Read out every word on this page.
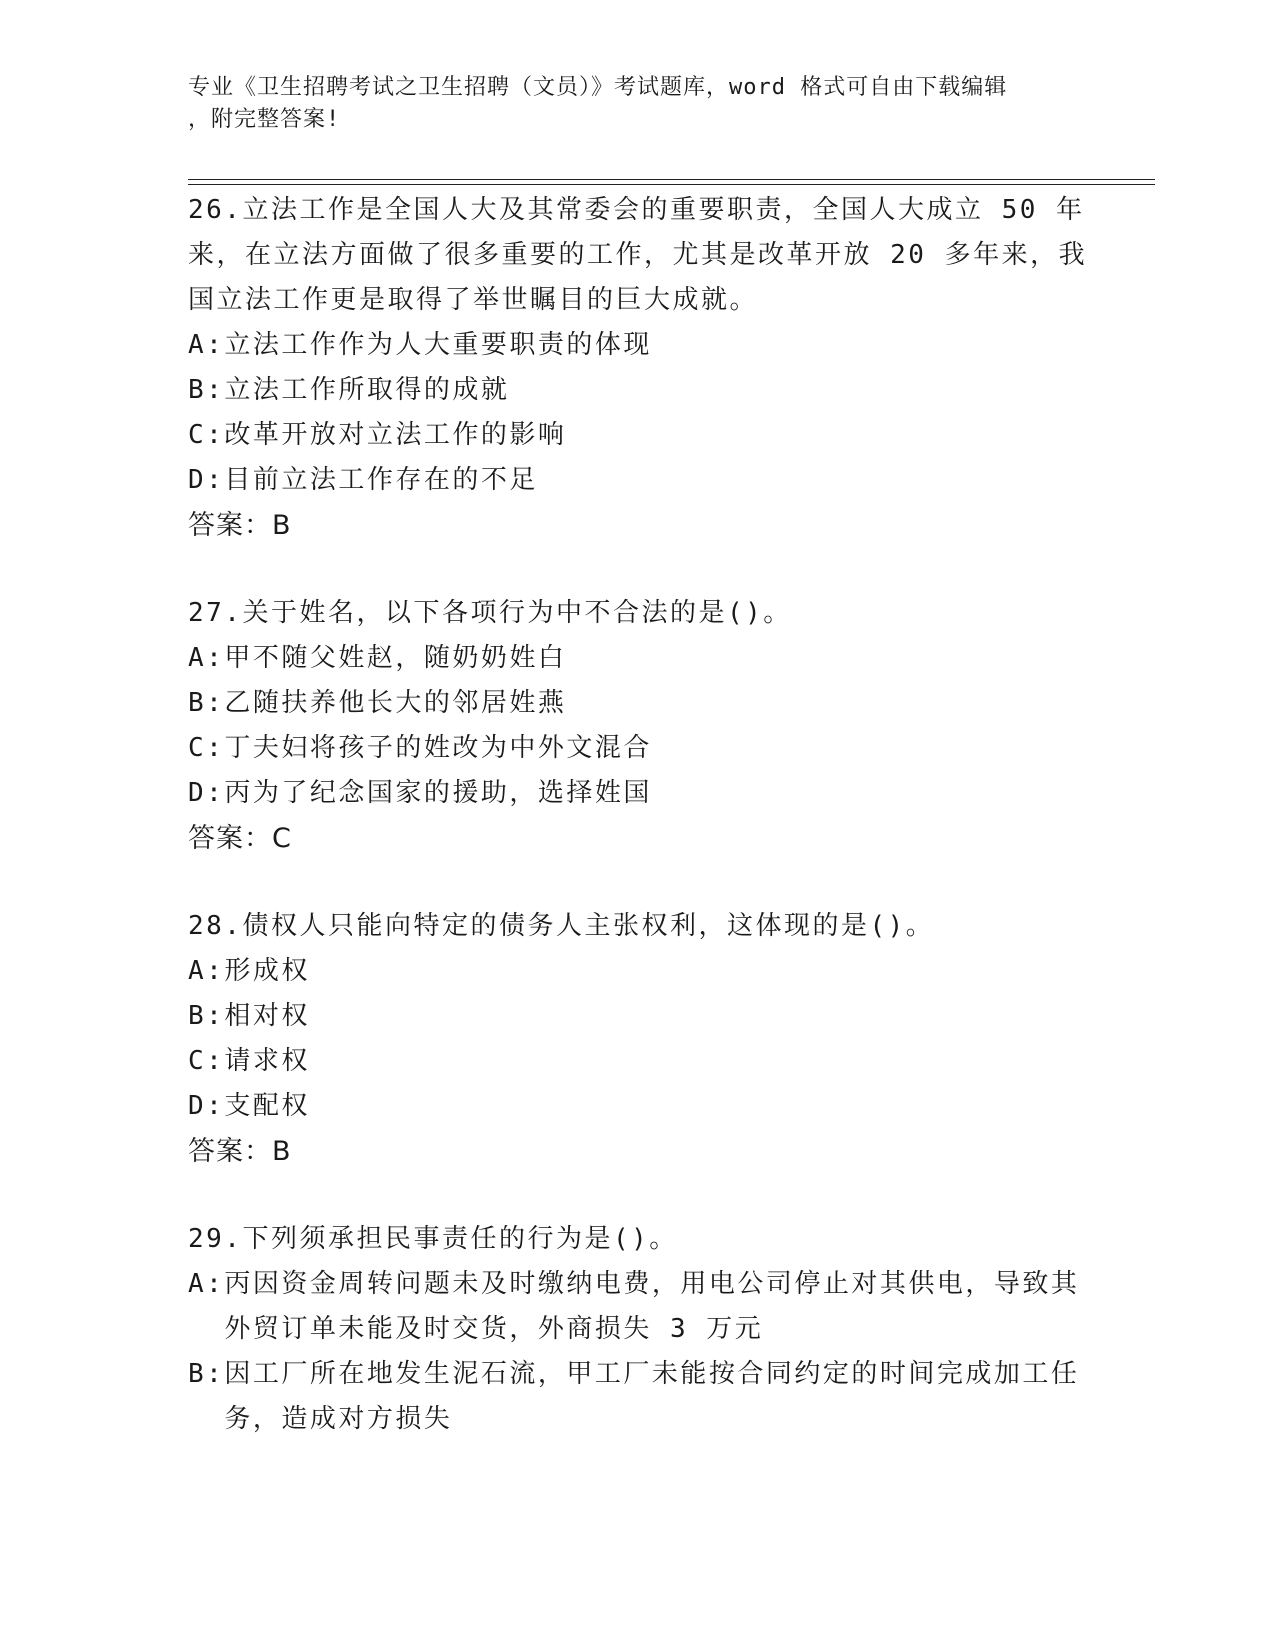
专业《卫生招聘考试之卫生招聘（文员）》考试题库，word 格式可自由下载编辑
，附完整答案!
26.立法工作是全国人大及其常委会的重要职责，全国人大成立 50 年来，在立法方面做了很多重要的工作，尤其是改革开放 20 多年来，我国立法工作更是取得了举世瞩目的巨大成就。
A: 立法工作作为人大重要职责的体现
B: 立法工作所取得的成就
C: 改革开放对立法工作的影响
D: 目前立法工作存在的不足
答案：B
27.关于姓名，以下各项行为中不合法的是()。
A: 甲不随父姓赵，随奶奶姓白
B: 乙随扶养他长大的邻居姓燕
C: 丁夫妇将孩子的姓改为中外文混合
D: 丙为了纪念国家的援助，选择姓国
答案：C
28.债权人只能向特定的债务人主张权利，这体现的是()。
A: 形成权
B: 相对权
C: 请求权
D: 支配权
答案：B
29.下列须承担民事责任的行为是()。
A: 丙因资金周转问题未及时缴纳电费，用电公司停止对其供电，导致其外贸订单未能及时交货，外商损失 3 万元
B: 因工厂所在地发生泥石流，甲工厂未能按合同约定的时间完成加工任务，造成对方损失
